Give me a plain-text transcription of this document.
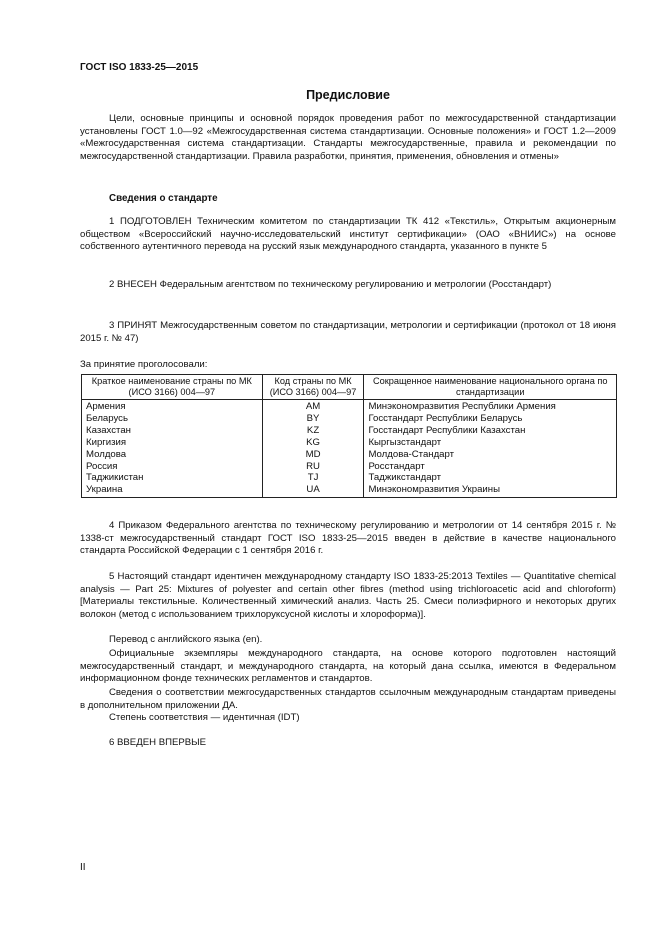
ГОСТ ISO 1833-25—2015
Предисловие

Цели, основные принципы и основной порядок проведения работ по межгосударственной стандартизации установлены ГОСТ 1.0—92 «Межгосударственная система стандартизации. Основные положения» и ГОСТ 1.2—2009 «Межгосударственная система стандартизации. Стандарты межгосударственные, правила и рекомендации по межгосударственной стандартизации. Правила разработки, принятия, применения, обновления и отмены»

Сведения о стандарте

1 ПОДГОТОВЛЕН Техническим комитетом по стандартизации ТК 412 «Текстиль», Открытым акционерным обществом «Всероссийский научно-исследовательский институт сертификации» (ОАО «ВНИИС») на основе собственного аутентичного перевода на русский язык международного стандарта, указанного в пункте 5

2 ВНЕСЕН Федеральным агентством по техническому регулированию и метрологии (Росстандарт)

3 ПРИНЯТ Межгосударственным советом по стандартизации, метрологии и сертификации (протокол от 18 июня 2015 г. № 47)

За принятие проголосовали:
Краткое наименование страны по МК (ИСО 3166) 004—97	Код страны по МК (ИСО 3166) 004—97	Сокращенное наименование национального органа по стандартизации
Армения	AM	Минэкономразвития Республики Армения
Беларусь	BY	Госстандарт Республики Беларусь
Казахстан	KZ	Госстандарт Республики Казахстан
Киргизия	KG	Кыргызстандарт
Молдова	MD	Молдова-Стандарт
Россия	RU	Росстандарт
Таджикистан	TJ	Таджикстандарт
Украина	UA	Минэкономразвития Украины

4 Приказом Федерального агентства по техническому регулированию и метрологии от 14 сентября 2015 г. № 1338-ст межгосударственный стандарт ГОСТ ISO 1833-25—2015 введен в действие в качестве национального стандарта Российской Федерации с 1 сентября 2016 г.

5 Настоящий стандарт идентичен международному стандарту ISO 1833-25:2013 Textiles — Quantitative chemical analysis — Part 25: Mixtures of polyester and certain other fibres (method using trichloroacetic acid and chloroform) [Материалы текстильные. Количественный химический анализ. Часть 25. Смеси полиэфирного и некоторых других волокон (метод с использованием трихлоруксусной кислоты и хлороформа)].

Перевод с английского языка (en).

Официальные экземпляры международного стандарта, на основе которого подготовлен настоящий межгосударственный стандарт, и международного стандарта, на который дана ссылка, имеются в Федеральном информационном фонде технических регламентов и стандартов.

Сведения о соответствии межгосударственных стандартов ссылочным международным стандартам приведены в дополнительном приложении ДА.

Степень соответствия — идентичная (IDT)

6 ВВЕДЕН ВПЕРВЫЕ

II
